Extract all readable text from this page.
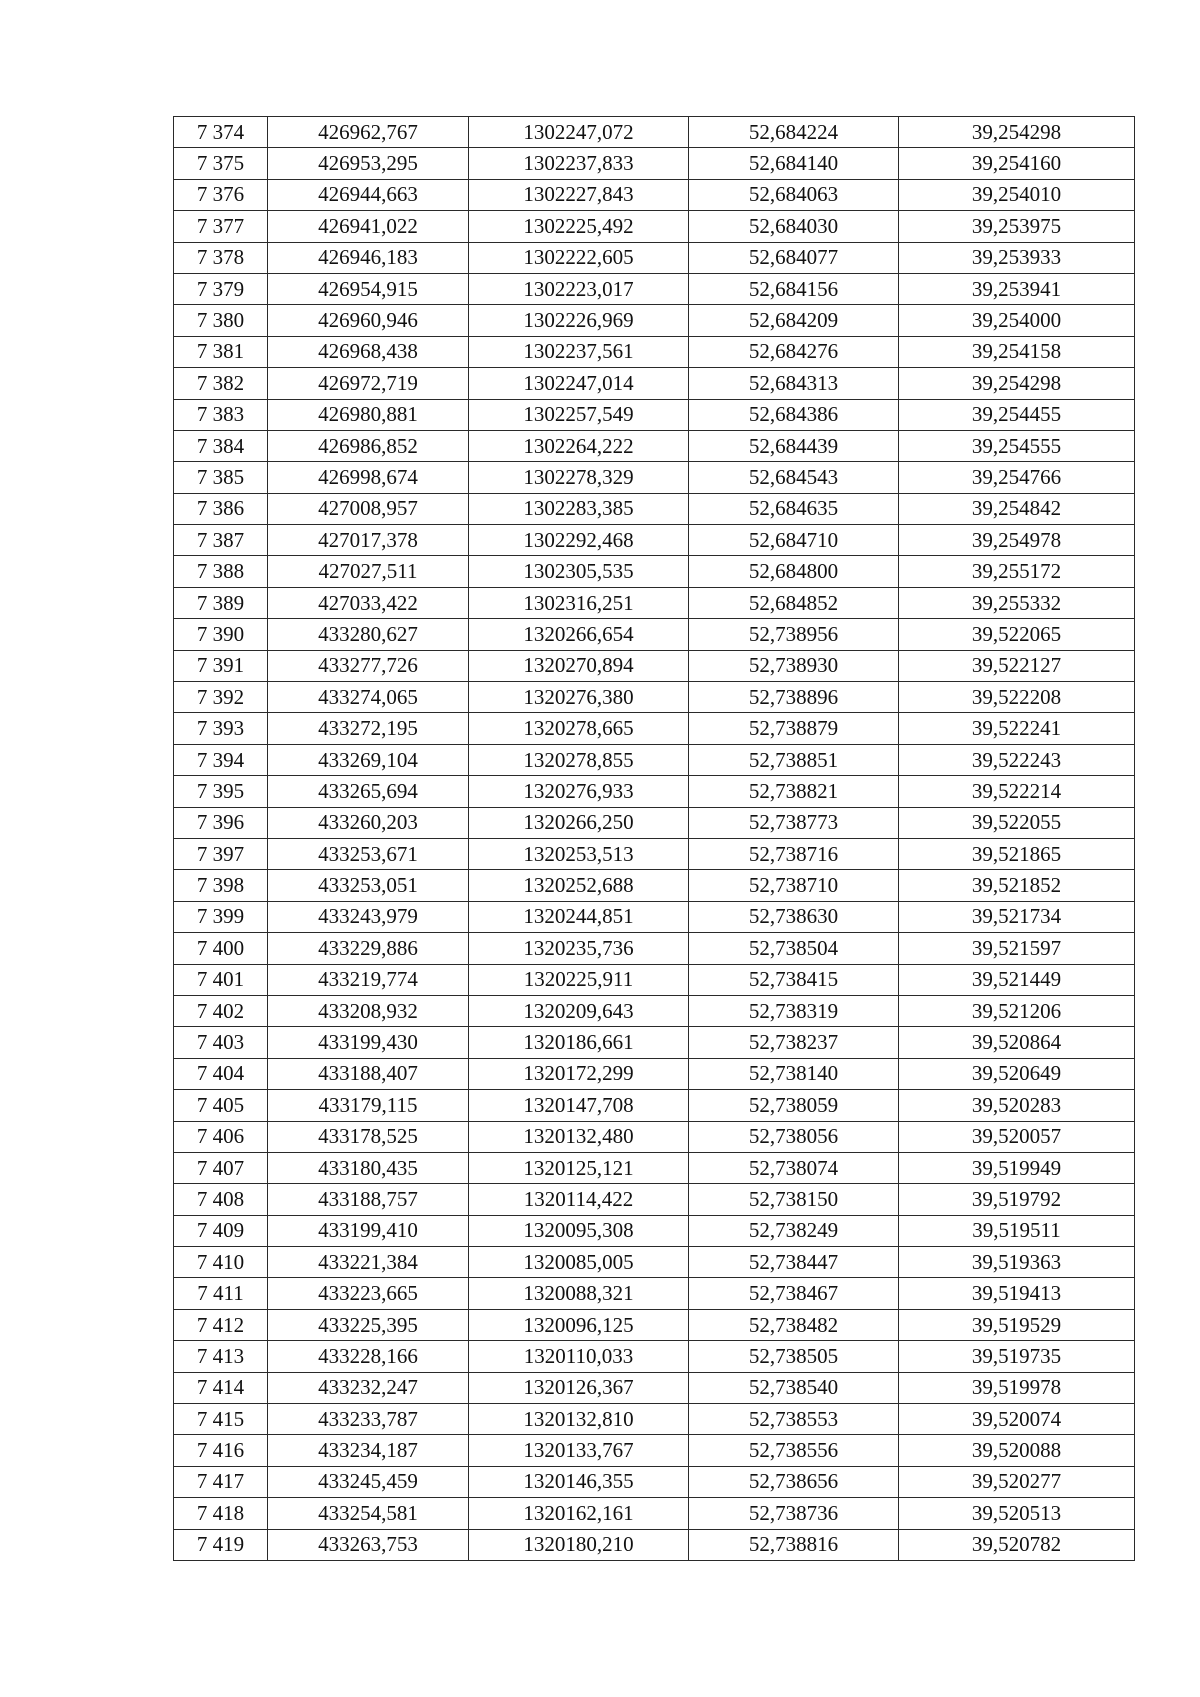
7 374	426962,767	1302247,072	52,684224	39,254298
7 375	426953,295	1302237,833	52,684140	39,254160
7 376	426944,663	1302227,843	52,684063	39,254010
7 377	426941,022	1302225,492	52,684030	39,253975
7 378	426946,183	1302222,605	52,684077	39,253933
7 379	426954,915	1302223,017	52,684156	39,253941
7 380	426960,946	1302226,969	52,684209	39,254000
7 381	426968,438	1302237,561	52,684276	39,254158
7 382	426972,719	1302247,014	52,684313	39,254298
7 383	426980,881	1302257,549	52,684386	39,254455
7 384	426986,852	1302264,222	52,684439	39,254555
7 385	426998,674	1302278,329	52,684543	39,254766
7 386	427008,957	1302283,385	52,684635	39,254842
7 387	427017,378	1302292,468	52,684710	39,254978
7 388	427027,511	1302305,535	52,684800	39,255172
7 389	427033,422	1302316,251	52,684852	39,255332
7 390	433280,627	1320266,654	52,738956	39,522065
7 391	433277,726	1320270,894	52,738930	39,522127
7 392	433274,065	1320276,380	52,738896	39,522208
7 393	433272,195	1320278,665	52,738879	39,522241
7 394	433269,104	1320278,855	52,738851	39,522243
7 395	433265,694	1320276,933	52,738821	39,522214
7 396	433260,203	1320266,250	52,738773	39,522055
7 397	433253,671	1320253,513	52,738716	39,521865
7 398	433253,051	1320252,688	52,738710	39,521852
7 399	433243,979	1320244,851	52,738630	39,521734
7 400	433229,886	1320235,736	52,738504	39,521597
7 401	433219,774	1320225,911	52,738415	39,521449
7 402	433208,932	1320209,643	52,738319	39,521206
7 403	433199,430	1320186,661	52,738237	39,520864
7 404	433188,407	1320172,299	52,738140	39,520649
7 405	433179,115	1320147,708	52,738059	39,520283
7 406	433178,525	1320132,480	52,738056	39,520057
7 407	433180,435	1320125,121	52,738074	39,519949
7 408	433188,757	1320114,422	52,738150	39,519792
7 409	433199,410	1320095,308	52,738249	39,519511
7 410	433221,384	1320085,005	52,738447	39,519363
7 411	433223,665	1320088,321	52,738467	39,519413
7 412	433225,395	1320096,125	52,738482	39,519529
7 413	433228,166	1320110,033	52,738505	39,519735
7 414	433232,247	1320126,367	52,738540	39,519978
7 415	433233,787	1320132,810	52,738553	39,520074
7 416	433234,187	1320133,767	52,738556	39,520088
7 417	433245,459	1320146,355	52,738656	39,520277
7 418	433254,581	1320162,161	52,738736	39,520513
7 419	433263,753	1320180,210	52,738816	39,520782
